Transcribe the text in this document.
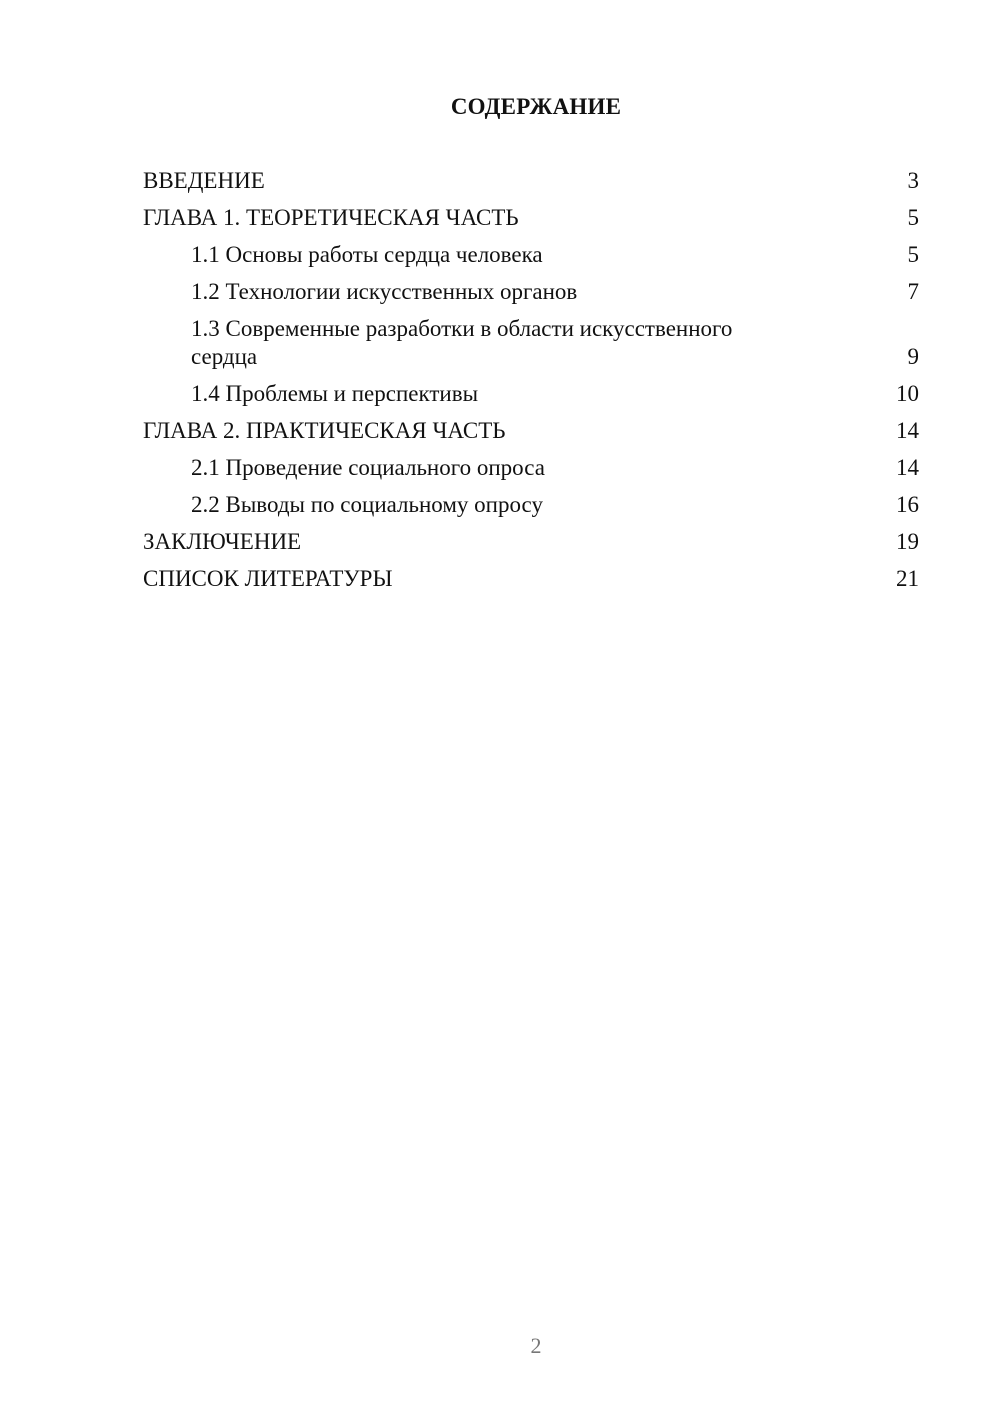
СОДЕРЖАНИЕ
ВВЕДЕНИЕ	3
ГЛАВА 1. ТЕОРЕТИЧЕСКАЯ ЧАСТЬ	5
1.1 Основы работы сердца человека	5
1.2 Технологии искусственных органов	7
1.3 Современные разработки в области искусственного сердца	9
1.4 Проблемы и перспективы	10
ГЛАВА 2. ПРАКТИЧЕСКАЯ ЧАСТЬ	14
2.1 Проведение социального опроса	14
2.2 Выводы по социальному опросу	16
ЗАКЛЮЧЕНИЕ	19
СПИСОК ЛИТЕРАТУРЫ	21
2
